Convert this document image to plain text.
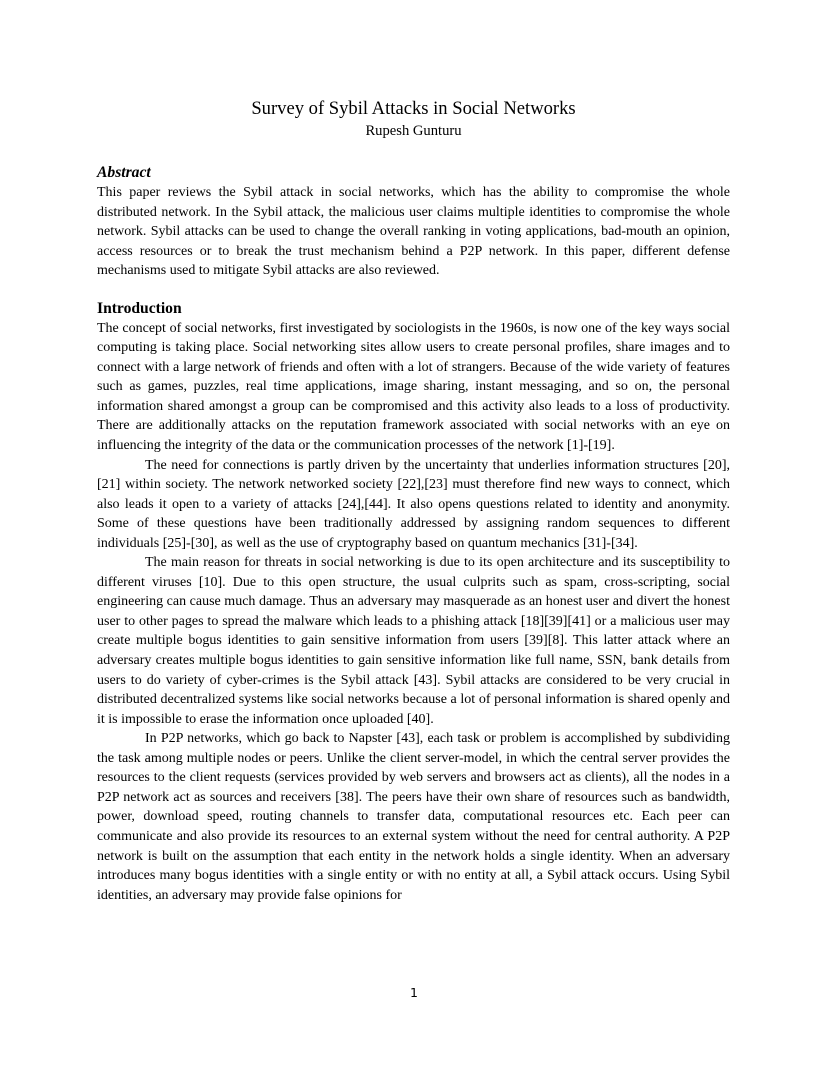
Survey of Sybil Attacks in Social Networks
Rupesh Gunturu
Abstract

This paper reviews the Sybil attack in social networks, which has the ability to compromise the whole distributed network. In the Sybil attack, the malicious user claims multiple identities to compromise the whole network. Sybil attacks can be used to change the overall ranking in voting applications, bad-mouth an opinion, access resources or to break the trust mechanism behind a P2P network. In this paper, different defense mechanisms used to mitigate Sybil attacks are also reviewed.

Introduction

The concept of social networks, first investigated by sociologists in the 1960s, is now one of the key ways social computing is taking place. Social networking sites allow users to create personal profiles, share images and to connect with a large network of friends and often with a lot of strangers. Because of the wide variety of features such as games, puzzles, real time applications, image sharing, instant messaging, and so on, the personal information shared amongst a group can be compromised and this activity also leads to a loss of productivity. There are additionally attacks on the reputation framework associated with social networks with an eye on influencing the integrity of the data or the communication processes of the network [1]-[19].

The need for connections is partly driven by the uncertainty that underlies information structures [20],[21] within society. The network networked society [22],[23] must therefore find new ways to connect, which also leads it open to a variety of attacks [24],[44]. It also opens questions related to identity and anonymity. Some of these questions have been traditionally addressed by assigning random sequences to different individuals [25]-[30], as well as the use of cryptography based on quantum mechanics [31]-[34].

The main reason for threats in social networking is due to its open architecture and its susceptibility to different viruses [10]. Due to this open structure, the usual culprits such as spam, cross-scripting, social engineering can cause much damage. Thus an adversary may masquerade as an honest user and divert the honest user to other pages to spread the malware which leads to a phishing attack [18][39][41] or a malicious user may create multiple bogus identities to gain sensitive information from users [39][8]. This latter attack where an adversary creates multiple bogus identities to gain sensitive information like full name, SSN, bank details from users to do variety of cyber-crimes is the Sybil attack [43]. Sybil attacks are considered to be very crucial in distributed decentralized systems like social networks because a lot of personal information is shared openly and it is impossible to erase the information once uploaded [40].

In P2P networks, which go back to Napster [43], each task or problem is accomplished by subdividing the task among multiple nodes or peers. Unlike the client server-model, in which the central server provides the resources to the client requests (services provided by web servers and browsers act as clients), all the nodes in a P2P network act as sources and receivers [38]. The peers have their own share of resources such as bandwidth, power, download speed, routing channels to transfer data, computational resources etc. Each peer can communicate and also provide its resources to an external system without the need for central authority. A P2P network is built on the assumption that each entity in the network holds a single identity. When an adversary introduces many bogus identities with a single entity or with no entity at all, a Sybil attack occurs. Using Sybil identities, an adversary may provide false opinions for

1
